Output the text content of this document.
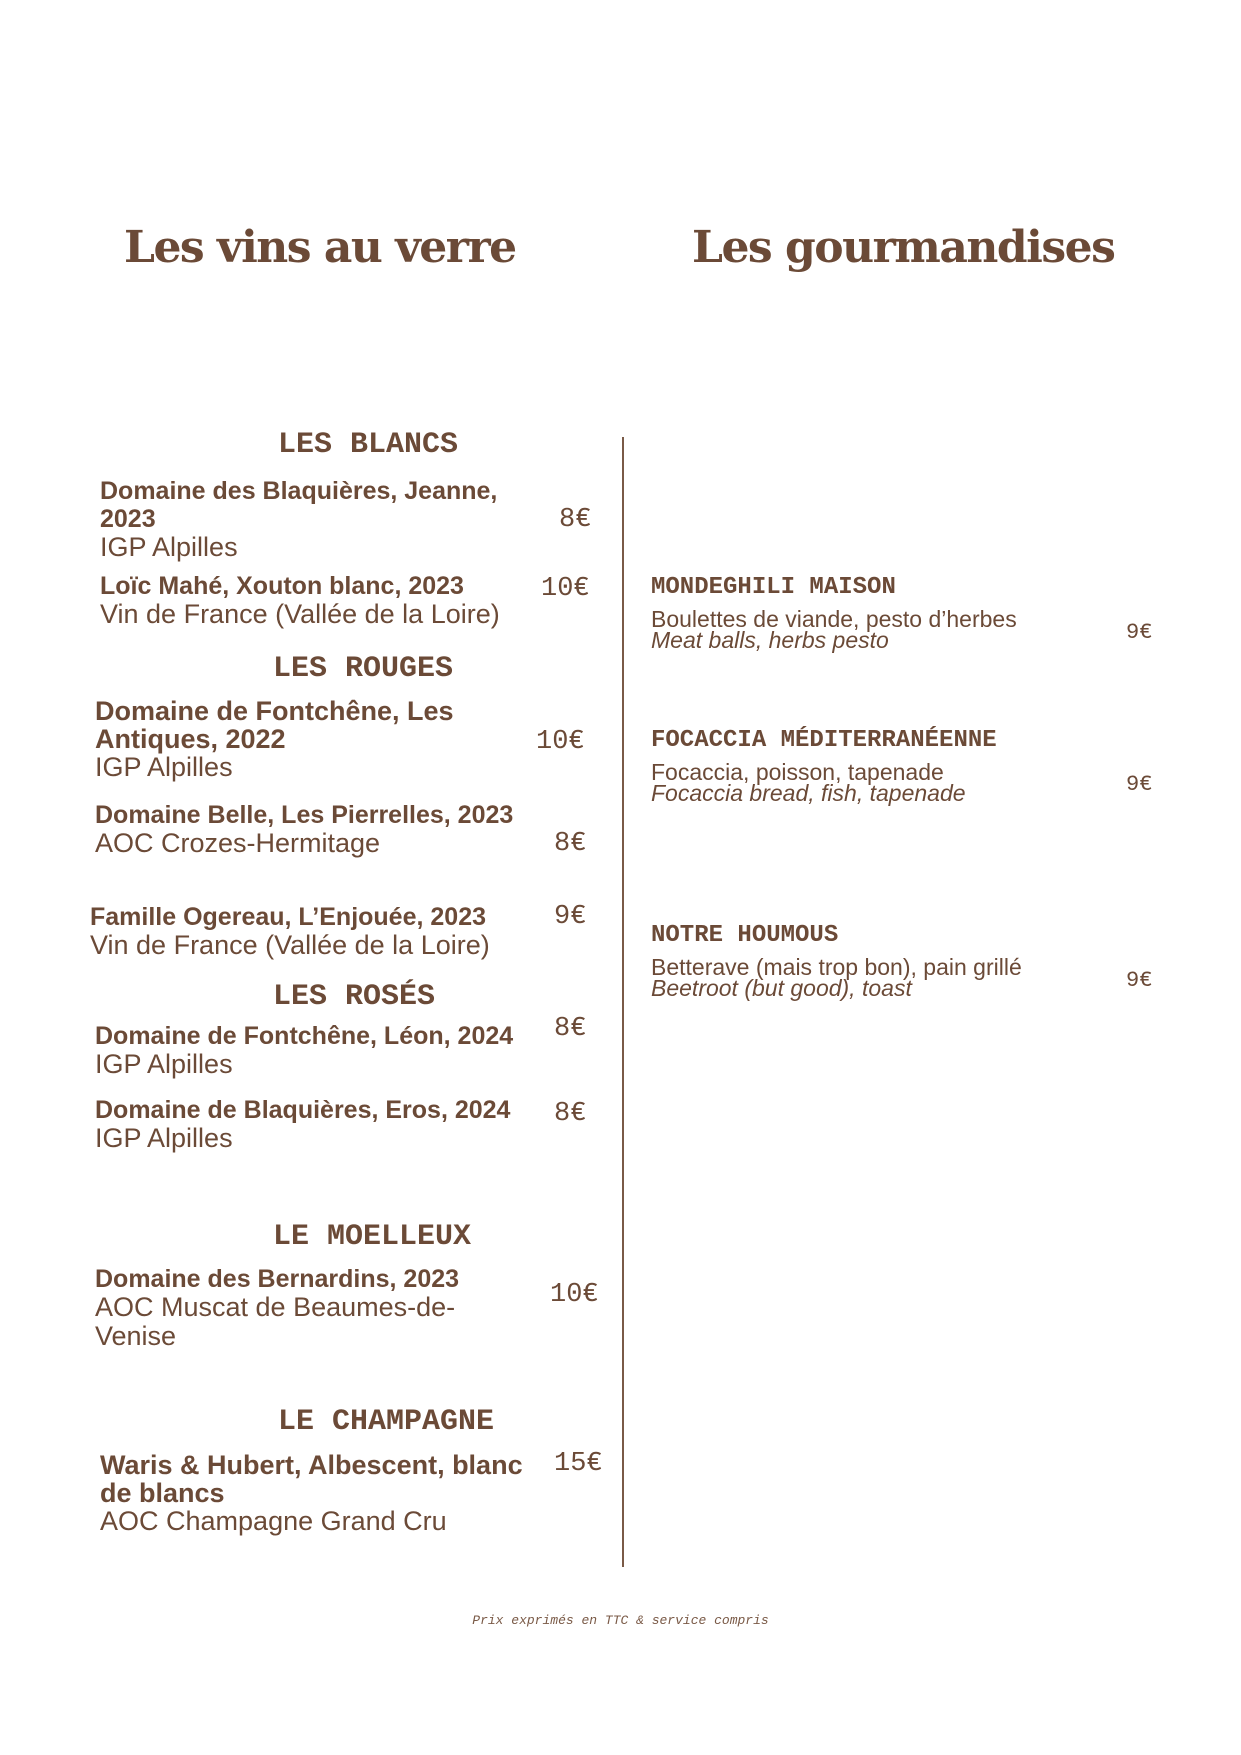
Les vins au verre	Les gourmandises
LES BLANCS
Domaine des Blaquières, Jeanne, 2023
IGP Alpilles
8€
Loïc Mahé, Xouton blanc, 2023
Vin de France (Vallée de la Loire)
10€
LES ROUGES
Domaine de Fontchêne, Les Antiques, 2022
IGP Alpilles
10€
Domaine Belle, Les Pierrelles, 2023
AOC Crozes-Hermitage	8€
Famille Ogereau, L’Enjouée, 2023
Vin de France (Vallée de la Loire)
9€
LES ROSÉS
Domaine de Fontchêne, Léon, 2024
IGP Alpilles
8€
Domaine de Blaquières, Eros, 2024
IGP Alpilles
8€
LE MOELLEUX
Domaine des Bernardins, 2023
AOC Muscat de Beaumes-de-Venise
10€
LE CHAMPAGNE
Waris & Hubert, Albescent, blanc de blancs
AOC Champagne Grand Cru
15€
MONDEGHILI MAISON
Boulettes de viande, pesto d’herbes
Meat balls, herbs pesto	9€
FOCACCIA MÉDITERRANÉENNE
Focaccia, poisson, tapenade
Focaccia bread, fish, tapenade	9€
NOTRE HOUMOUS
Betterave (mais trop bon), pain grillé
Beetroot (but good), toast	9€
Prix exprimés en TTC & service compris
